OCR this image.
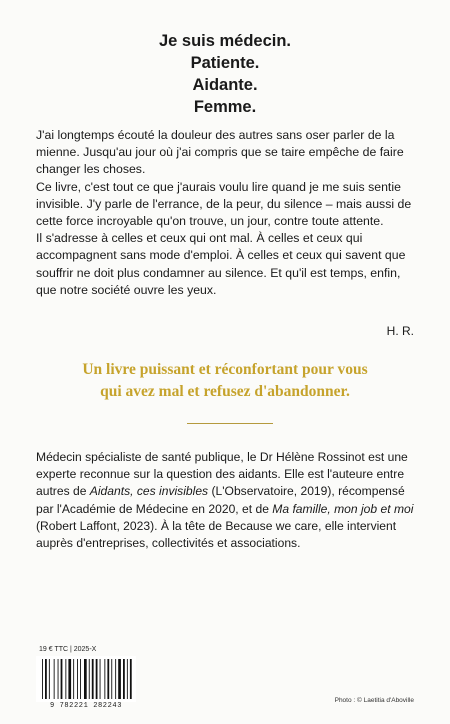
Je suis médecin.
Patiente.
Aidante.
Femme.

J'ai longtemps écouté la douleur des autres sans oser parler de la mienne. Jusqu'au jour où j'ai compris que se taire empêche de faire changer les choses.

Ce livre, c'est tout ce que j'aurais voulu lire quand je me suis sentie invisible. J'y parle de l'errance, de la peur, du silence – mais aussi de cette force incroyable qu'on trouve, un jour, contre toute attente.

Il s'adresse à celles et ceux qui ont mal. À celles et ceux qui accompagnent sans mode d'emploi. À celles et ceux qui savent que souffrir ne doit plus condamner au silence. Et qu'il est temps, enfin, que notre société ouvre les yeux.

H. R.
Un livre puissant et réconfortant pour vous
qui avez mal et refusez d'abandonner.

Médecin spécialiste de santé publique, le Dr Hélène Rossinot est une experte reconnue sur la question des aidants. Elle est l'auteure entre autres de Aidants, ces invisibles (L'Observatoire, 2019), récompensé par l'Académie de Médecine en 2020, et de Ma famille, mon job et moi (Robert Laffont, 2023). À la tête de Because we care, elle intervient auprès d'entreprises, collectivités et associations.

19 € TTC | 2025-X
9 782221 282243
Photo : © Laetitia d'Aboville
